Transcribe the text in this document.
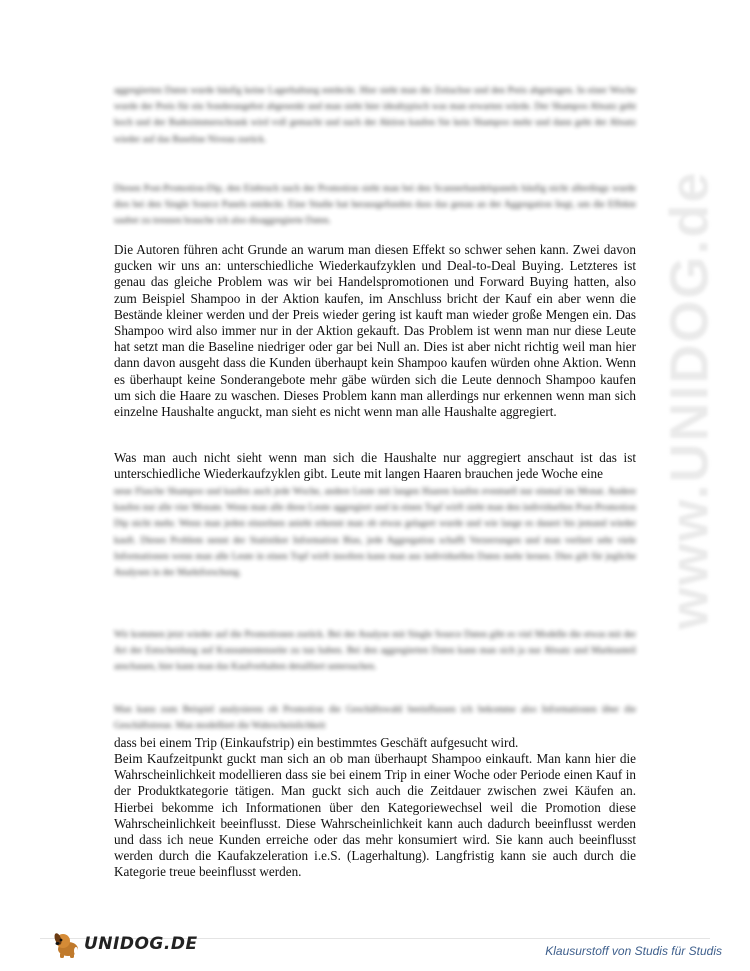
www.UNIDOG.de

aggregierten Daten wurde häufig keine Lagerhaltung entdeckt. Hier sieht man die Zeitachse und den Preis abgetragen. In einer Woche wurde der Preis für ein Sonderangebot abgesenkt und man sieht hier idealtypisch was man erwarten würde. Der Shampoo Absatz geht hoch und der Badezimmerschrank wird voll gemacht und nach der Aktion kaufen Sie kein Shampoo mehr und dann geht der Absatz wieder auf das Baseline Niveau zurück.

Diesen Post-Promotion-Dip, den Einbruch nach der Promotion sieht man bei den Scannerhandelspanels häufig nicht allerdings wurde dies bei den Single Source Panels entdeckt. Eine Studie hat herausgefunden dass das genau an der Aggregation liegt, um die Effekte sauber zu trennen brauche ich also disaggregierte Daten.

Die Autoren führen acht Grunde an warum man diesen Effekt so schwer sehen kann. Zwei davon gucken wir uns an: unterschiedliche Wiederkaufzyklen und Deal-to-Deal Buying. Letzteres ist genau das gleiche Problem was wir bei Handelspromotionen und Forward Buying hatten, also zum Beispiel Shampoo in der Aktion kaufen, im Anschluss bricht der Kauf ein aber wenn die Bestände kleiner werden und der Preis wieder gering ist kauft man wieder große Mengen ein. Das Shampoo wird also immer nur in der Aktion gekauft. Das Problem ist wenn man nur diese Leute hat setzt man die Baseline niedriger oder gar bei Null an. Dies ist aber nicht richtig weil man hier dann davon ausgeht dass die Kunden überhaupt kein Shampoo kaufen würden ohne Aktion. Wenn es überhaupt keine Sonderangebote mehr gäbe würden sich die Leute dennoch Shampoo kaufen um sich die Haare zu waschen. Dieses Problem kann man allerdings nur erkennen wenn man sich einzelne Haushalte anguckt, man sieht es nicht wenn man alle Haushalte aggregiert.

Was man auch nicht sieht wenn man sich die Haushalte nur aggregiert anschaut ist das ist unterschiedliche Wiederkaufzyklen gibt. Leute mit langen Haaren brauchen jede Woche eine

neue Flasche Shampoo und kaufen auch jede Woche, andere Leute mit langen Haaren kaufen eventuell nur einmal im Monat. Andere kaufen nur alle vier Monate. Wenn man alle diese Leute aggregiert und in einen Topf wirft sieht man den individuellen Post-Promotion Dip nicht mehr. Wenn man jeden einzelnen anieht erkennt man ob etwas gelagert wurde und wie lange es dauert bis jemand wieder kauft. Dieses Problem nennt der Statistiker Information Bias, jede Aggregation schafft Verzerrungen und man verliert sehr viele Informationen wenn man alle Leute in einen Topf wirft insofern kann man aus individuellen Daten mehr lernen. Dies gilt für jegliche Analysen in der Marktforschung.

Wir kommen jetzt wieder auf die Promotionen zurück. Bei der Analyse mit Single Source Daten gibt es viel Modelle die etwas mit der Art der Entscheidung auf Konsumentenseite zu tun haben. Bei den aggregierten Daten kann man sich ja nur Absatz und Marktanteil anschauen, hier kann man das Kaufverhalten detailliert untersuchen.

Man kann zum Beispiel analysieren ob Promotion die Geschäftswahl beeinflussen ich bekomme also Informationen über die Geschäftstreue. Man modelliert die Wahrscheinlichkeit

dass bei einem Trip (Einkaufstrip) ein bestimmtes Geschäft aufgesucht wird.

Beim Kaufzeitpunkt guckt man sich an ob man überhaupt Shampoo einkauft. Man kann hier die Wahrscheinlichkeit modellieren dass sie bei einem Trip in einer Woche oder Periode einen Kauf in der Produktkategorie tätigen. Man guckt sich auch die Zeitdauer zwischen zwei Käufen an. Hierbei bekomme ich Informationen über den Kategoriewechsel weil die Promotion diese Wahrscheinlichkeit beeinflusst. Diese Wahrscheinlichkeit kann auch dadurch beeinflusst werden und dass ich neue Kunden erreiche oder das mehr konsumiert wird. Sie kann auch beeinflusst werden durch die Kaufakzeleration i.e.S. (Lagerhaltung). Langfristig kann sie auch durch die Kategorie treue beeinflusst werden.

UNIDOG.DE	Klausurstoff von Studis für Studis
